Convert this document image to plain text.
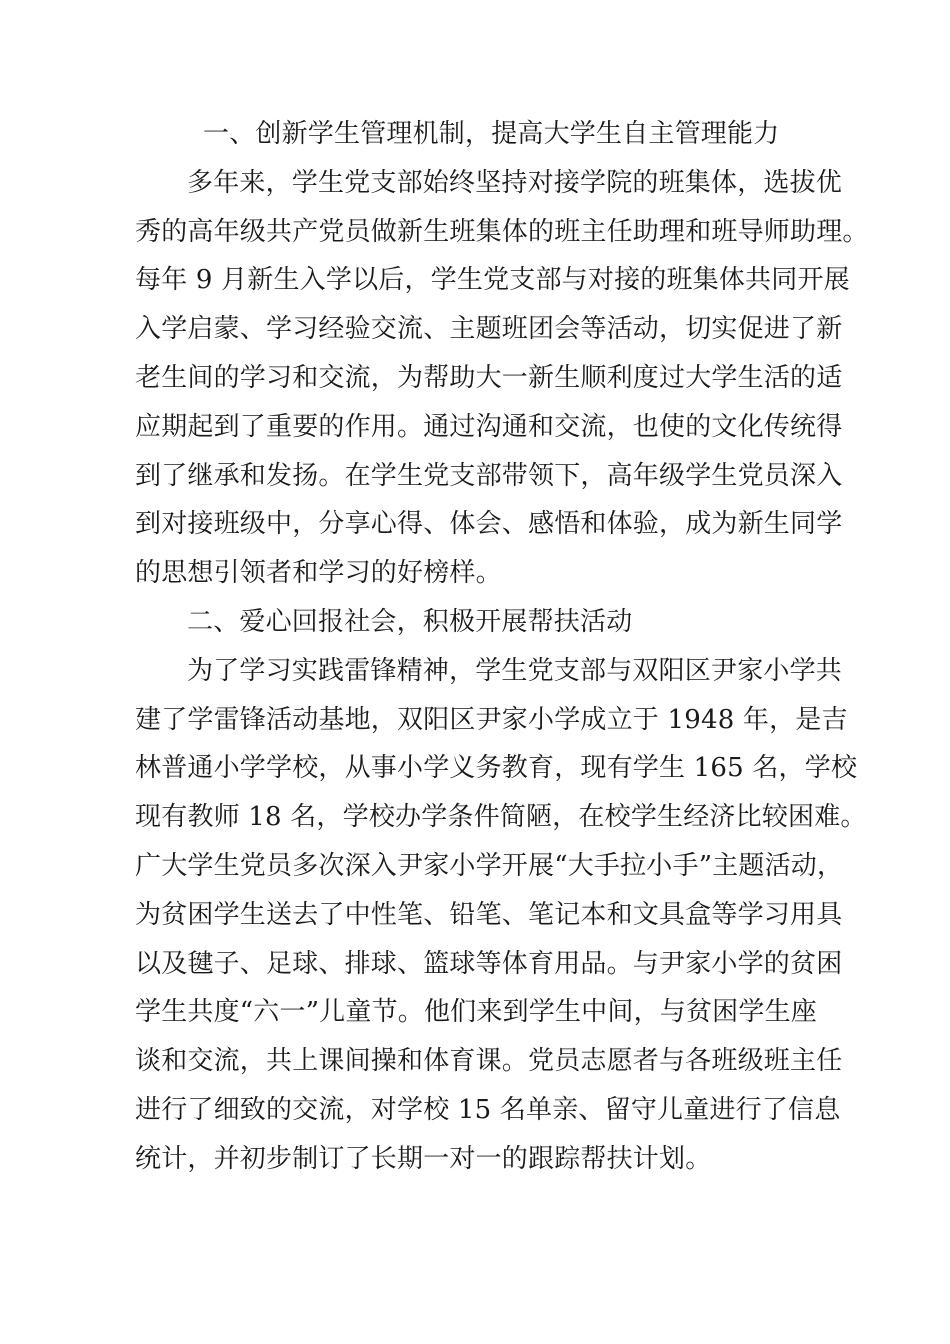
一、创新学生管理机制，提高大学生自主管理能力
多年来，学生党支部始终坚持对接学院的班集体，选拔优
秀的高年级共产党员做新生班集体的班主任助理和班导师助理。
每年 9 月新生入学以后，学生党支部与对接的班集体共同开展
入学启蒙、学习经验交流、主题班团会等活动，切实促进了新
老生间的学习和交流，为帮助大一新生顺利度过大学生活的适
应期起到了重要的作用。通过沟通和交流，也使的文化传统得
到了继承和发扬。在学生党支部带领下，高年级学生党员深入
到对接班级中，分享心得、体会、感悟和体验，成为新生同学
的思想引领者和学习的好榜样。
二、爱心回报社会，积极开展帮扶活动
为了学习实践雷锋精神，学生党支部与双阳区尹家小学共
建了学雷锋活动基地，双阳区尹家小学成立于 1948 年，是吉
林普通小学学校，从事小学义务教育，现有学生 165 名，学校
现有教师 18 名，学校办学条件简陋，在校学生经济比较困难。
广大学生党员多次深入尹家小学开展“大手拉小手”主题活动，
为贫困学生送去了中性笔、铅笔、笔记本和文具盒等学习用具
以及毽子、足球、排球、篮球等体育用品。与尹家小学的贫困
学生共度“六一”儿童节。他们来到学生中间，与贫困学生座
谈和交流，共上课间操和体育课。党员志愿者与各班级班主任
进行了细致的交流，对学校 15 名单亲、留守儿童进行了信息
统计，并初步制订了长期一对一的跟踪帮扶计划。
